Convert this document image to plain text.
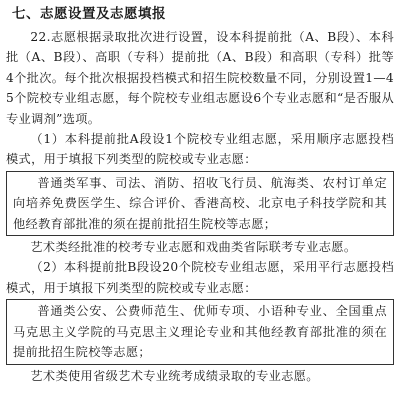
七、志愿设置及志愿填报

22.志愿根据录取批次进行设置，设本科提前批（A、B段）、本科批（A、B段）、高职（专科）提前批（A、B段）和高职（专科）批等4个批次。每个批次根据投档模式和招生院校数量不同，分别设置1—45个院校专业组志愿，每个院校专业组志愿设6个专业志愿和“是否服从专业调剂”选项。

（1）本科提前批A段设1个院校专业组志愿，采用顺序志愿投档模式，用于填报下列类型的院校或专业志愿：

普通类军事、司法、消防、招收飞行员、航海类、农村订单定向培养免费医学生、综合评价、香港高校、北京电子科技学院和其他经教育部批准的须在提前批招生院校等志愿；

艺术类经批准的校考专业志愿和戏曲类省际联考专业志愿。

（2）本科提前批B段设20个院校专业组志愿，采用平行志愿投档模式，用于填报下列类型的院校或专业志愿：

普通类公安、公费师范生、优师专项、小语种专业、全国重点马克思主义学院的马克思主义理论专业和其他经教育部批准的须在提前批招生院校等志愿；

艺术类使用省级艺术专业统考成绩录取的专业志愿。
